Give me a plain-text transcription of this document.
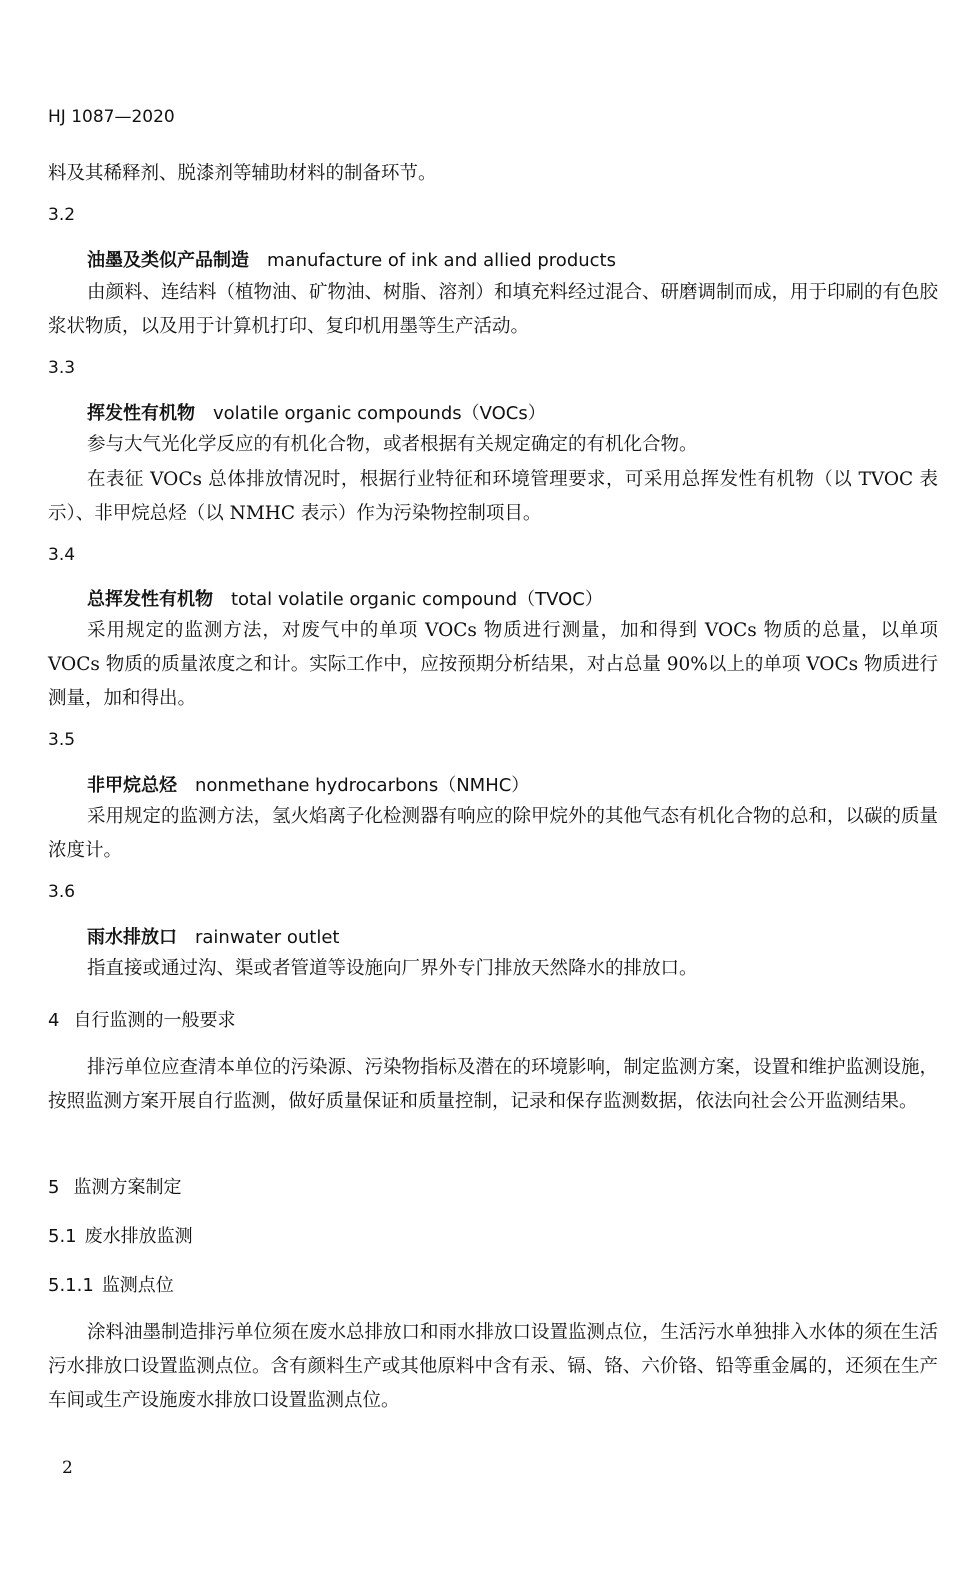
HJ 1087—2020

料及其稀释剂、脱漆剂等辅助材料的制备环节。

3.2
油墨及类似产品制造 manufacture of ink and allied products

由颜料、连结料（植物油、矿物油、树脂、溶剂）和填充料经过混合、研磨调制而成，用于印刷的有色胶浆状物质，以及用于计算机打印、复印机用墨等生产活动。

3.3
挥发性有机物 volatile organic compounds（VOCs）

参与大气光化学反应的有机化合物，或者根据有关规定确定的有机化合物。

在表征 VOCs 总体排放情况时，根据行业特征和环境管理要求，可采用总挥发性有机物（以 TVOC 表示）、非甲烷总烃（以 NMHC 表示）作为污染物控制项目。

3.4
总挥发性有机物 total volatile organic compound（TVOC）

采用规定的监测方法，对废气中的单项 VOCs 物质进行测量，加和得到 VOCs 物质的总量，以单项 VOCs 物质的质量浓度之和计。实际工作中，应按预期分析结果，对占总量 90%以上的单项 VOCs 物质进行测量，加和得出。

3.5
非甲烷总烃 nonmethane hydrocarbons（NMHC）

采用规定的监测方法，氢火焰离子化检测器有响应的除甲烷外的其他气态有机化合物的总和，以碳的质量浓度计。

3.6
雨水排放口 rainwater outlet

指直接或通过沟、渠或者管道等设施向厂界外专门排放天然降水的排放口。

4 自行监测的一般要求

排污单位应查清本单位的污染源、污染物指标及潜在的环境影响，制定监测方案，设置和维护监测设施，按照监测方案开展自行监测，做好质量保证和质量控制，记录和保存监测数据，依法向社会公开监测结果。

5 监测方案制定
5.1 废水排放监测
5.1.1 监测点位

涂料油墨制造排污单位须在废水总排放口和雨水排放口设置监测点位，生活污水单独排入水体的须在生活污水排放口设置监测点位。含有颜料生产或其他原料中含有汞、镉、铬、六价铬、铅等重金属的，还须在生产车间或生产设施废水排放口设置监测点位。

2
